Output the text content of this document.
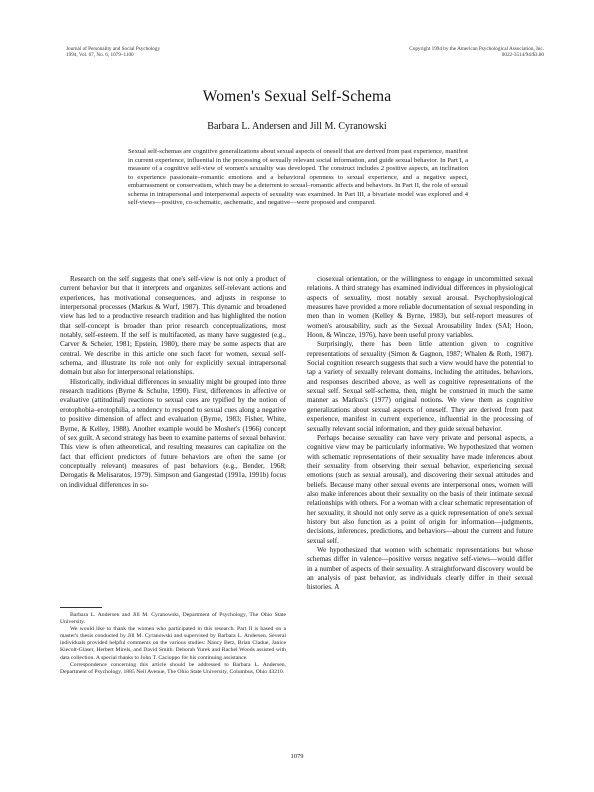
Journal of Personality and Social Psychology
1994, Vol. 67, No. 6, 1079–1100
Copyright 1994 by the American Psychological Association, Inc.
0022-3514/94/$3.00
Women's Sexual Self-Schema
Barbara L. Andersen and Jill M. Cyranowski
Sexual self-schemas are cognitive generalizations about sexual aspects of oneself that are derived from past experience, manifest in current experience, influential in the processing of sexually relevant social information, and guide sexual behavior. In Part I, a measure of a cognitive self-view of women's sexuality was developed. The construct includes 2 positive aspects, an inclination to experience passionate–romantic emotions and a behavioral openness to sexual experience, and a negative aspect, embarrassment or conservatism, which may be a deterrent to sexual–romantic affects and behaviors. In Part II, the role of sexual schema in intrapersonal and interpersonal aspects of sexuality was examined. In Part III, a bivariate model was explored and 4 self-views—positive, co-schematic, aschematic, and negative—were proposed and compared.

Research on the self suggests that one's self-view is not only a product of current behavior but that it interprets and organizes self-relevant actions and experiences, has motivational consequences, and adjusts in response to interpersonal processes (Markus & Wurf, 1987). This dynamic and broadened view has led to a productive research tradition and has highlighted the notion that self-concept is broader than prior research conceptualizations, most notably, self-esteem. If the self is multifaceted, as many have suggested (e.g., Carver & Scheier, 1981; Epstein, 1980), there may be some aspects that are central. We describe in this article one such facet for women, sexual self-schema, and illustrate its role not only for explicitly sexual intrapersonal domain but also for interpersonal relationships.

Historically, individual differences in sexuality might be grouped into three research traditions (Byrne & Schulte, 1990). First, differences in affective or evaluative (attitudinal) reactions to sexual cues are typified by the notion of erotophobia–erotophilia, a tendency to respond to sexual cues along a negative to positive dimension of affect and evaluation (Byrne, 1983; Fisher, White, Byrne, & Kelley, 1988). Another example would be Mosher's (1966) concept of sex guilt. A second strategy has been to examine patterns of sexual behavior. This view is often atheoretical, and resulting measures can capitalize on the fact that efficient predictors of future behaviors are often the same (or conceptually relevant) measures of past behaviors (e.g., Bender, 1968; Derogatis & Melisaratos, 1979). Simpson and Gangestad (1991a, 1991b) focus on individual differences in so-

ciosexual orientation, or the willingness to engage in uncommitted sexual relations. A third strategy has examined individual differences in physiological aspects of sexuality, most notably sexual arousal. Psychophysiological measures have provided a more reliable documentation of sexual responding in men than in women (Kelley & Byrne, 1983), but self-report measures of women's arousability, such as the Sexual Arousability Index (SAI; Hoon, Hoon, & Wincze, 1976), have been useful proxy variables.

Surprisingly, there has been little attention given to cognitive representations of sexuality (Simon & Gagnon, 1987; Whalen & Roth, 1987). Social cognition research suggests that such a view would have the potential to tap a variety of sexually relevant domains, including the attitudes, behaviors, and responses described above, as well as cognitive representations of the sexual self. Sexual self-schema, then, might be construed in much the same manner as Markus's (1977) original notions. We view them as cognitive generalizations about sexual aspects of oneself. They are derived from past experience, manifest in current experience, influential in the processing of sexually relevant social information, and they guide sexual behavior.

Perhaps because sexuality can have very private and personal aspects, a cognitive view may be particularly informative. We hypothesized that women with schematic representations of their sexuality have made inferences about their sexuality from observing their sexual behavior, experiencing sexual emotions (such as sexual arousal), and discovering their sexual attitudes and beliefs. Because many other sexual events are interpersonal ones, women will also make inferences about their sexuality on the basis of their intimate sexual relationships with others. For a woman with a clear schematic representation of her sexuality, it should not only serve as a quick representation of one's sexual history but also function as a point of origin for information—judgments, decisions, inferences, predictions, and behaviors—about the current and future sexual self.

We hypothesized that women with schematic representations but whose schemas differ in valence—positive versus negative self-views—would differ in a number of aspects of their sexuality. A straightforward discovery would be an analysis of past behavior, as individuals clearly differ in their sexual histories. A

Barbara L. Andersen and Jill M. Cyranowski, Department of Psychology, The Ohio State University.

We would like to thank the women who participated in this research. Part II is based on a master's thesis conducted by Jill M. Cyranowski and supervised by Barbara L. Andersen. Several individuals provided helpful comments on the various studies: Nancy Betz, Brian Cladue, Janice Kiecolt-Glaser, Herbert Mirels, and David Smith. Deborah Yurek and Rachel Woods assisted with data collection. A special thanks to John T. Cacioppo for his continuing assistance.

Correspondence concerning this article should be addressed to Barbara L. Andersen, Department of Psychology, 1885 Neil Avenue, The Ohio State University, Columbus, Ohio 43210.

1079
